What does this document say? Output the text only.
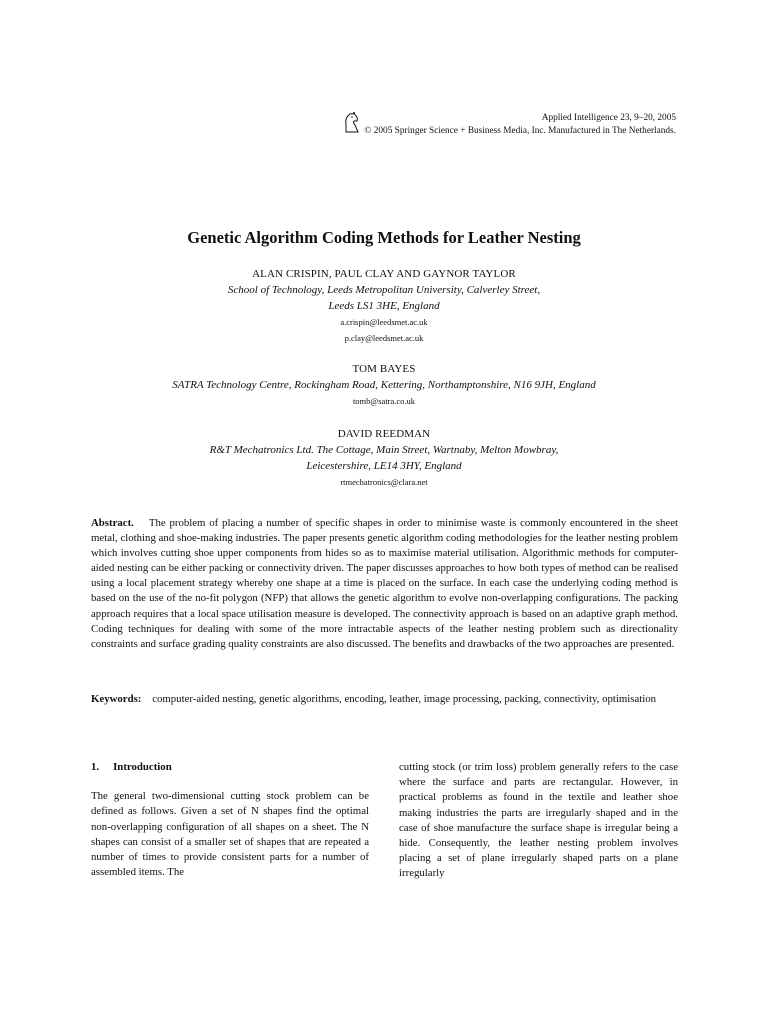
Applied Intelligence 23, 9–20, 2005
© 2005 Springer Science + Business Media, Inc. Manufactured in The Netherlands.
Genetic Algorithm Coding Methods for Leather Nesting
ALAN CRISPIN, PAUL CLAY AND GAYNOR TAYLOR
School of Technology, Leeds Metropolitan University, Calverley Street,
Leeds LS1 3HE, England
a.crispin@leedsmet.ac.uk
p.clay@leedsmet.ac.uk
TOM BAYES
SATRA Technology Centre, Rockingham Road, Kettering, Northamptonshire, N16 9JH, England
tomb@satra.co.uk
DAVID REEDMAN
R&T Mechatronics Ltd. The Cottage, Main Street, Wartnaby, Melton Mowbray,
Leicestershire, LE14 3HY, England
rtmechatronics@clara.net
Abstract. The problem of placing a number of specific shapes in order to minimise waste is commonly encountered in the sheet metal, clothing and shoe-making industries. The paper presents genetic algorithm coding methodologies for the leather nesting problem which involves cutting shoe upper components from hides so as to maximise material utilisation. Algorithmic methods for computer-aided nesting can be either packing or connectivity driven. The paper discusses approaches to how both types of method can be realised using a local placement strategy whereby one shape at a time is placed on the surface. In each case the underlying coding method is based on the use of the no-fit polygon (NFP) that allows the genetic algorithm to evolve non-overlapping configurations. The packing approach requires that a local space utilisation measure is developed. The connectivity approach is based on an adaptive graph method. Coding techniques for dealing with some of the more intractable aspects of the leather nesting problem such as directionality constraints and surface grading quality constraints are also discussed. The benefits and drawbacks of the two approaches are presented.
Keywords: computer-aided nesting, genetic algorithms, encoding, leather, image processing, packing, connectivity, optimisation
1. Introduction

The general two-dimensional cutting stock problem can be defined as follows. Given a set of N shapes find the optimal non-overlapping configuration of all shapes on a sheet. The N shapes can consist of a smaller set of shapes that are repeated a number of times to provide consistent parts for a number of assembled items. The

cutting stock (or trim loss) problem generally refers to the case where the surface and parts are rectangular. However, in practical problems as found in the textile and leather shoe making industries the parts are irregularly shaped and in the case of shoe manufacture the surface shape is irregular being a hide. Consequently, the leather nesting problem involves placing a set of plane irregularly shaped parts on a plane irregularly
